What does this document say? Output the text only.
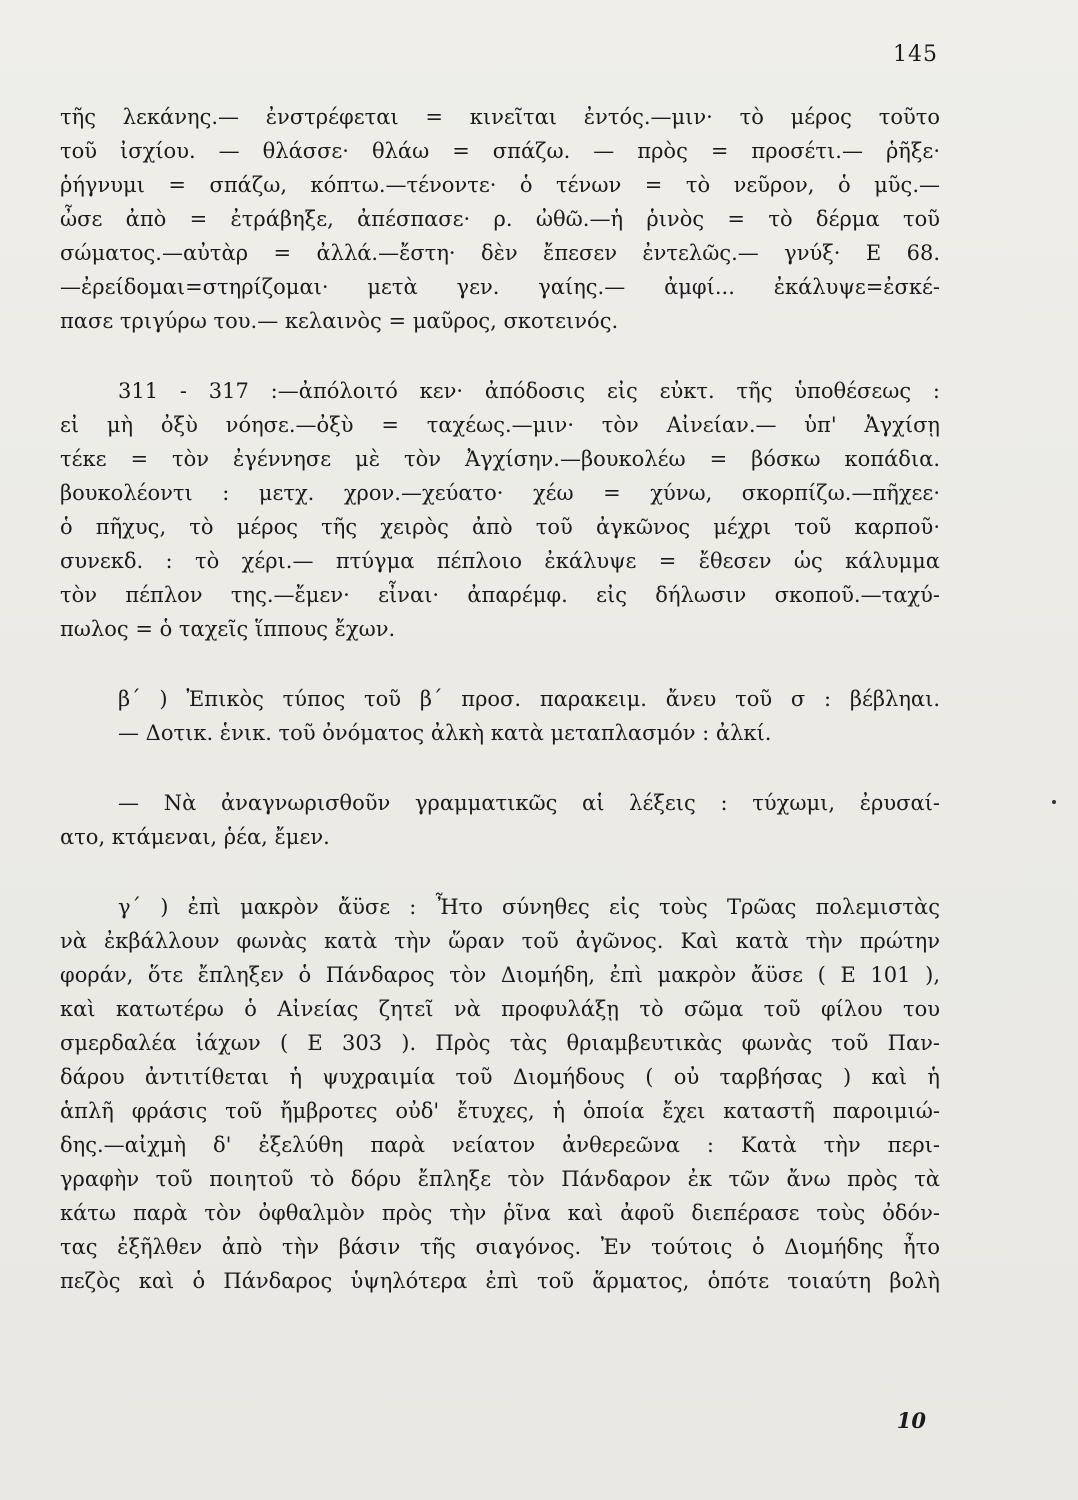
145
τῆς λεκάνης.— ἐνστρέφεται = κινεῖται ἐντός.—μιν· τὸ μέρος τοῦτο
τοῦ ἰσχίου. — θλάσσε· θλάω = σπάζω. — πρὸς = προσέτι.— ῥῆξε·
ῥήγνυμι = σπάζω, κόπτω.—τένοντε· ὁ τένων = τὸ νεῦρον, ὁ μῦς.—
ὦσε ἀπὸ = ἐτράβηξε, ἀπέσπασε· ρ. ὠθῶ.—ἡ ῥινὸς = τὸ δέρμα τοῦ
σώματος.—αὐτὰρ = ἀλλά.—ἔστη· δὲν ἔπεσεν ἐντελῶς.— γνύξ· Ε 68.
—ἐρείδομαι=στηρίζομαι· μετὰ γεν. γαίης.— ἀμφί... ἐκάλυψε=ἐσκέ-
πασε τριγύρω του.— κελαινὸς = μαῦρος, σκοτεινός.
311 - 317 :—ἀπόλοιτό κεν· ἀπόδοσις εἰς εὐκτ. τῆς ὑποθέσεως :
εἰ μὴ ὀξὺ νόησε.—ὀξὺ = ταχέως.—μιν· τὸν Αἰνείαν.— ὑπ' Ἀγχίσῃ
τέκε = τὸν ἐγέννησε μὲ τὸν Ἀγχίσην.—βουκολέω = βόσκω κοπάδια.
βουκολέοντι : μετχ. χρον.—χεύατο· χέω = χύνω, σκορπίζω.—πῆχεε·
ὁ πῆχυς, τὸ μέρος τῆς χειρὸς ἀπὸ τοῦ ἀγκῶνος μέχρι τοῦ καρποῦ·
συνεκδ. : τὸ χέρι.— πτύγμα πέπλοιο ἐκάλυψε = ἔθεσεν ὡς κάλυμμα
τὸν πέπλον της.—ἔμεν· εἶναι· ἀπαρέμφ. εἰς δήλωσιν σκοποῦ.—ταχύ-
πωλος = ὁ ταχεῖς ἵππους ἔχων.
β΄ ) Ἐπικὸς τύπος τοῦ β΄ προσ. παρακειμ. ἄνευ τοῦ σ : βέβληαι.
— Δοτικ. ἑνικ. τοῦ ὀνόματος ἀλκὴ κατὰ μεταπλασμόν : ἀλκί.
— Νὰ ἀναγνωρισθοῦν γραμματικῶς αἱ λέξεις : τύχωμι, ἐρυσαί-
ατο, κτάμεναι, ῥέα, ἔμεν.
γ΄ ) ἐπὶ μακρὸν ἄϋσε : Ἦτο σύνηθες εἰς τοὺς Τρῶας πολεμιστὰς
νὰ ἐκβάλλουν φωνὰς κατὰ τὴν ὥραν τοῦ ἀγῶνος. Καὶ κατὰ τὴν πρώτην
φοράν, ὅτε ἔπληξεν ὁ Πάνδαρος τὸν Διομήδη, ἐπὶ μακρὸν ἄϋσε ( Ε 101 ),
καὶ κατωτέρω ὁ Αἰνείας ζητεῖ νὰ προφυλάξῃ τὸ σῶμα τοῦ φίλου του
σμερδαλέα ἰάχων ( Ε 303 ). Πρὸς τὰς θριαμβευτικὰς φωνὰς τοῦ Παν-
δάρου ἀντιτίθεται ἡ ψυχραιμία τοῦ Διομήδους ( οὐ ταρβήσας ) καὶ ἡ
ἁπλῆ φράσις τοῦ ἤμβροτες οὐδ' ἔτυχες, ἡ ὁποία ἔχει καταστῆ παροιμιώ-
δης.—αἰχμὴ δ' ἐξελύθη παρὰ νείατον ἀνθερεῶνα : Κατὰ τὴν περι-
γραφὴν τοῦ ποιητοῦ τὸ δόρυ ἔπληξε τὸν Πάνδαρον ἐκ τῶν ἄνω πρὸς τὰ
κάτω παρὰ τὸν ὀφθαλμὸν πρὸς τὴν ῥῖνα καὶ ἀφοῦ διεπέρασε τοὺς ὀδόν-
τας ἐξῆλθεν ἀπὸ τὴν βάσιν τῆς σιαγόνος. Ἐν τούτοις ὁ Διομήδης ἦτο
πεζὸς καὶ ὁ Πάνδαρος ὑψηλότερα ἐπὶ τοῦ ἅρματος, ὁπότε τοιαύτη βολὴ
10
